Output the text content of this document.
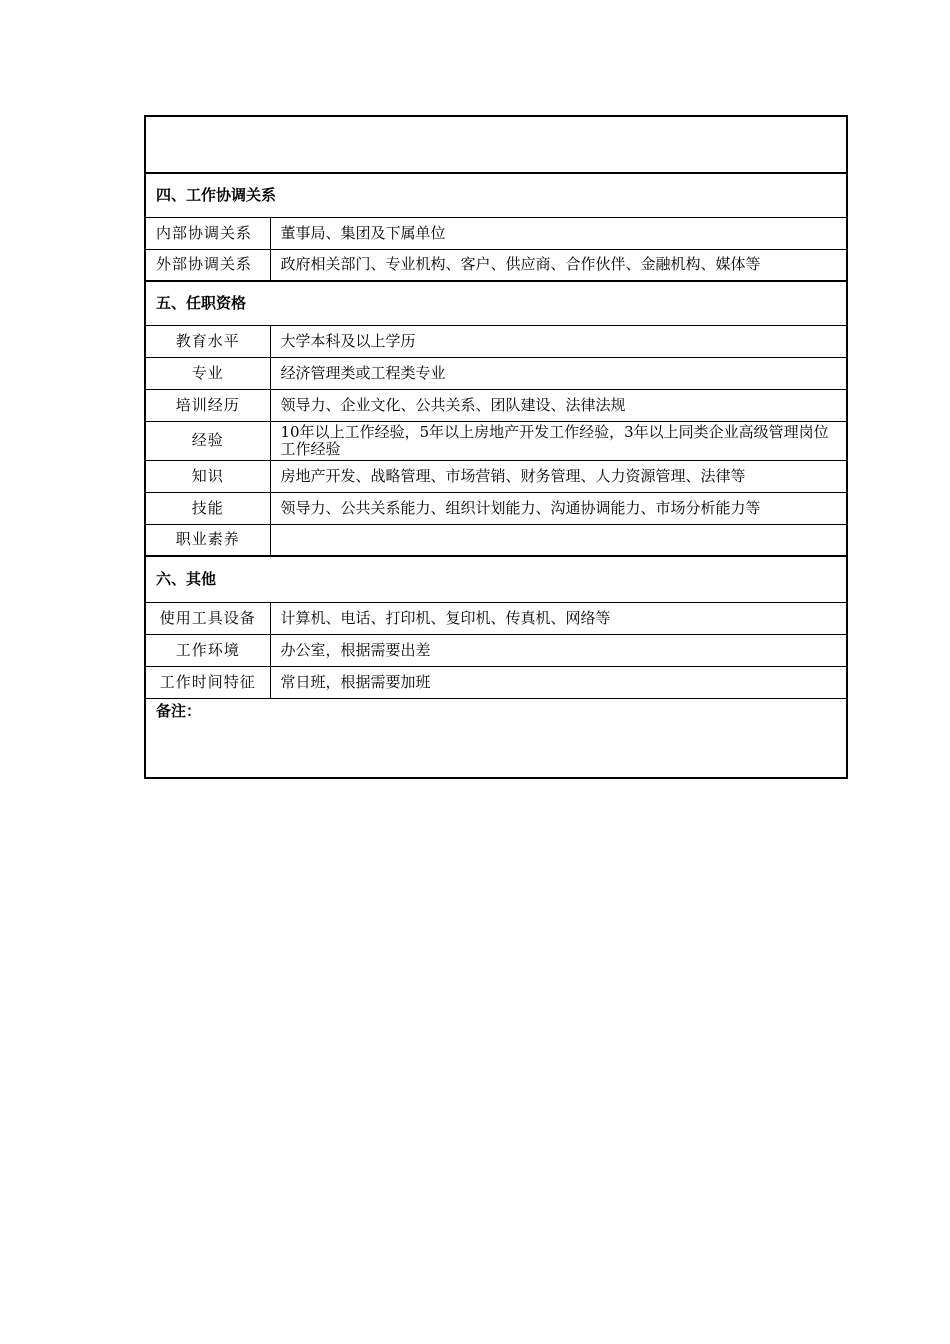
四、工作协调关系	
内部协调关系	董事局、集团及下属单位
外部协调关系	政府相关部门、专业机构、客户、供应商、合作伙伴、金融机构、媒体等
五、任职资格	
教育水平	大学本科及以上学历
专业	经济管理类或工程类专业
培训经历	领导力、企业文化、公共关系、团队建设、法律法规
经验	10年以上工作经验，5年以上房地产开发工作经验，3年以上同类企业高级管理岗位工作经验
知识	房地产开发、战略管理、市场营销、财务管理、人力资源管理、法律等
技能	领导力、公共关系能力、组织计划能力、沟通协调能力、市场分析能力等
职业素养	
六、其他	
使用工具设备	计算机、电话、打印机、复印机、传真机、网络等
工作环境	办公室，根据需要出差
工作时间特征	常日班，根据需要加班
备注：	
